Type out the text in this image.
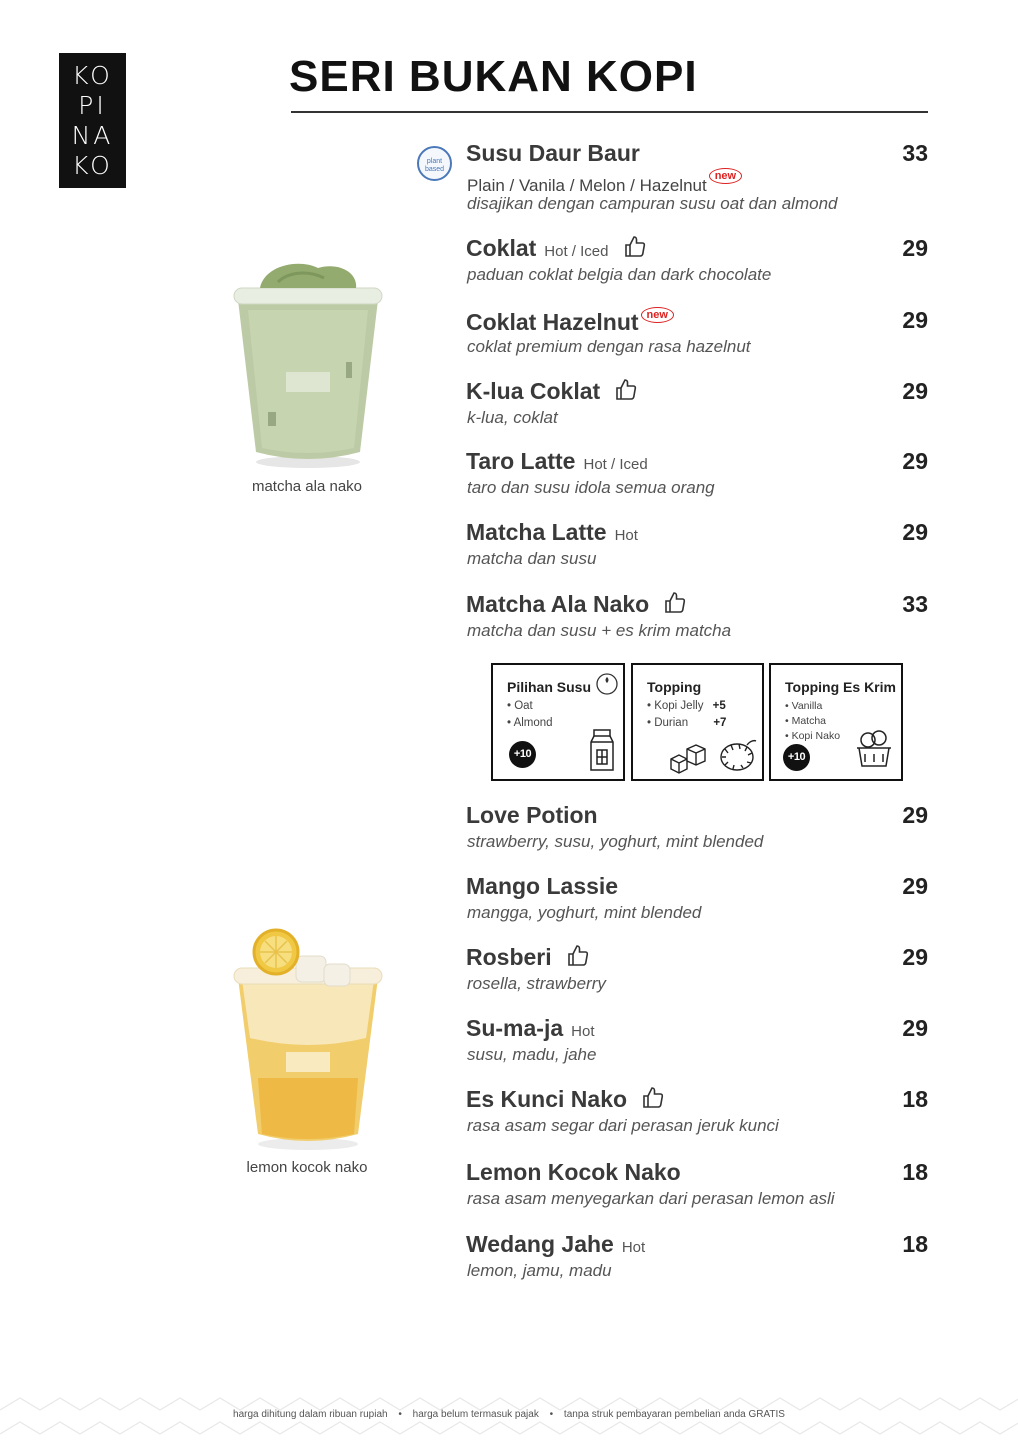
KO
PI
NA
KO
SERI BUKAN KOPI
plant based
Susu Daur Baur	33
Plain / Vanila / Melon / Hazelnut new
disajikan dengan campuran susu oat dan almond
Coklat Hot / Iced	29
paduan coklat belgia dan dark chocolate
Coklat Hazelnut new	29
coklat premium dengan rasa hazelnut
K-lua Coklat	29
k-lua, coklat
Taro Latte Hot / Iced	29
taro dan susu idola semua orang
Matcha Latte Hot	29
matcha dan susu
Matcha Ala Nako	33
matcha dan susu + es krim matcha
Pilihan Susu
• Oat
• Almond
+10
Topping
• Kopi Jelly +5
• Durian +7
Topping Es Krim
• Vanilla
• Matcha
• Kopi Nako
+10
Love Potion	29
strawberry, susu, yoghurt, mint blended
Mango Lassie	29
mangga, yoghurt, mint blended
Rosberi	29
rosella, strawberry
Su-ma-ja Hot	29
susu, madu, jahe
Es Kunci Nako	18
rasa asam segar dari perasan jeruk kunci
Lemon Kocok Nako	18
rasa asam menyegarkan dari perasan lemon asli
Wedang Jahe Hot	18
lemon, jamu, madu
matcha ala nako
lemon kocok nako
harga dihitung dalam ribuan rupiah • harga belum termasuk pajak • tanpa struk pembayaran pembelian anda GRATIS
